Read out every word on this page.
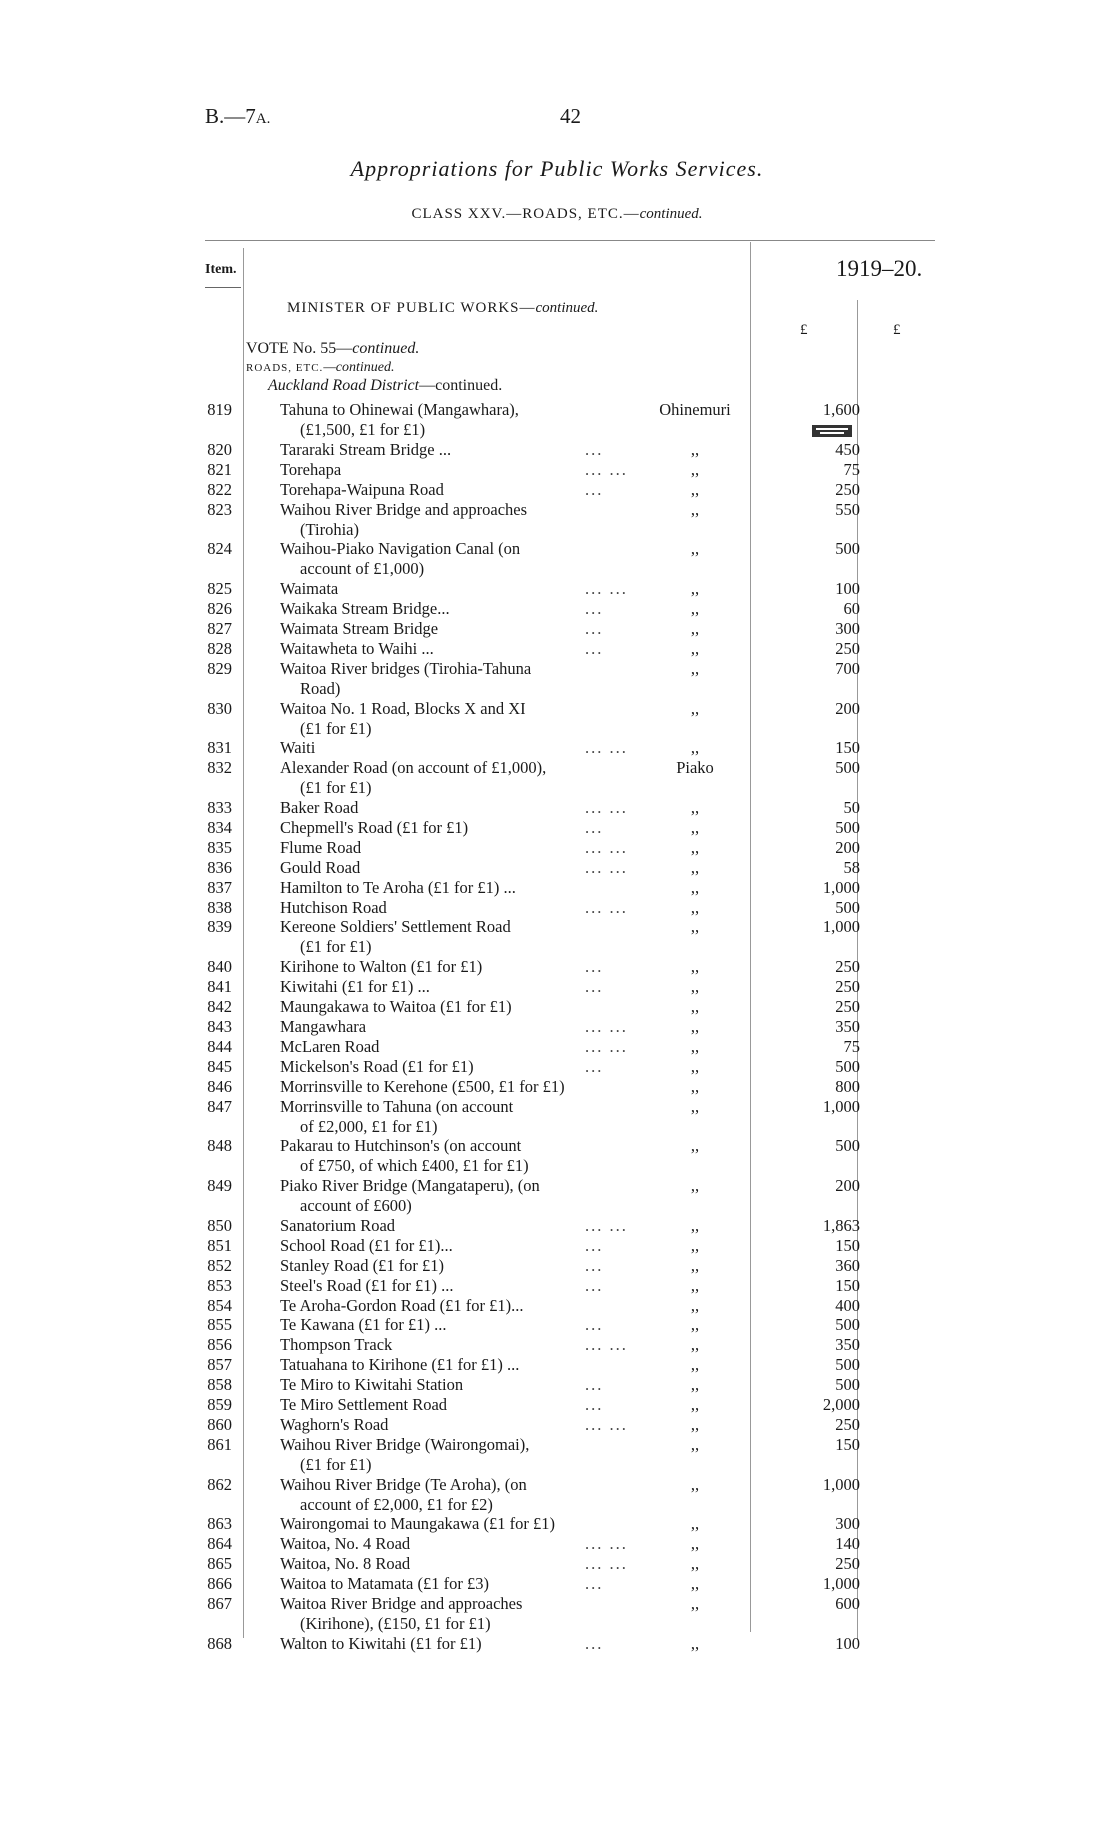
B.—7A.	42
Appropriations for Public Works Services.
CLASS XXV.—ROADS, ETC.—continued.
Item.	1919–20.
MINISTER OF PUBLIC WORKS—continued.
£	£
VOTE No. 55—continued.
ROADS, ETC.—continued.
Auckland Road District—continued.
819	Tahuna to Ohinewai (Mangawhara),
(£1,500, £1 for £1)
Ohinemuri	1,600
820	Tararaki Stream Bridge ...	...	,,	450
821	Torehapa	... ...	,,	75
822	Torehapa-Waipuna Road	...	,,	250
823	Waihou River Bridge and approaches
(Tirohia)
,,	550
824	Waihou-Piako Navigation Canal (on
account of £1,000)
,,	500
825	Waimata	... ...	,,	100
826	Waikaka Stream Bridge...	...	,,	60
827	Waimata Stream Bridge	...	,,	300
828	Waitawheta to Waihi ...	...	,,	250
829	Waitoa River bridges (Tirohia-Tahuna
Road)
,,	700
830	Waitoa No. 1 Road, Blocks X and XI
(£1 for £1)
,,	200
831	Waiti	... ...	,,	150
832	Alexander Road (on account of £1,000),
(£1 for £1)
Piako	500
833	Baker Road	... ...	,,	50
834	Chepmell's Road (£1 for £1)	...	,,	500
835	Flume Road	... ...	,,	200
836	Gould Road	... ...	,,	58
837	Hamilton to Te Aroha (£1 for £1) ...	,,	1,000
838	Hutchison Road	... ...	,,	500
839	Kereone Soldiers' Settlement Road
(£1 for £1)
,,	1,000
840	Kirihone to Walton (£1 for £1)	...	,,	250
841	Kiwitahi (£1 for £1) ...	...	,,	250
842	Maungakawa to Waitoa (£1 for £1)	,,	250
843	Mangawhara	... ...	,,	350
844	McLaren Road	... ...	,,	75
845	Mickelson's Road (£1 for £1)	...	,,	500
846	Morrinsville to Kerehone (£500, £1 for £1)	,,	800
847	Morrinsville to Tahuna (on account
of £2,000, £1 for £1)
,,	1,000
848	Pakarau to Hutchinson's (on account
of £750, of which £400, £1 for £1)
,,	500
849	Piako River Bridge (Mangataperu), (on
account of £600)
,,	200
850	Sanatorium Road	... ...	,,	1,863
851	School Road (£1 for £1)...	...	,,	150
852	Stanley Road (£1 for £1)	...	,,	360
853	Steel's Road (£1 for £1) ...	...	,,	150
854	Te Aroha-Gordon Road (£1 for £1)...	,,	400
855	Te Kawana (£1 for £1) ...	...	,,	500
856	Thompson Track	... ...	,,	350
857	Tatuahana to Kirihone (£1 for £1) ...	,,	500
858	Te Miro to Kiwitahi Station	...	,,	500
859	Te Miro Settlement Road	...	,,	2,000
860	Waghorn's Road	... ...	,,	250
861	Waihou River Bridge (Wairongomai),
(£1 for £1)
,,	150
862	Waihou River Bridge (Te Aroha), (on
account of £2,000, £1 for £2)
,,	1,000
863	Wairongomai to Maungakawa (£1 for £1)	,,	300
864	Waitoa, No. 4 Road	... ...	,,	140
865	Waitoa, No. 8 Road	... ...	,,	250
866	Waitoa to Matamata (£1 for £3)	...	,,	1,000
867	Waitoa River Bridge and approaches
(Kirihone), (£150, £1 for £1)
,,	600
868	Walton to Kiwitahi (£1 for £1)	...	,,	100
